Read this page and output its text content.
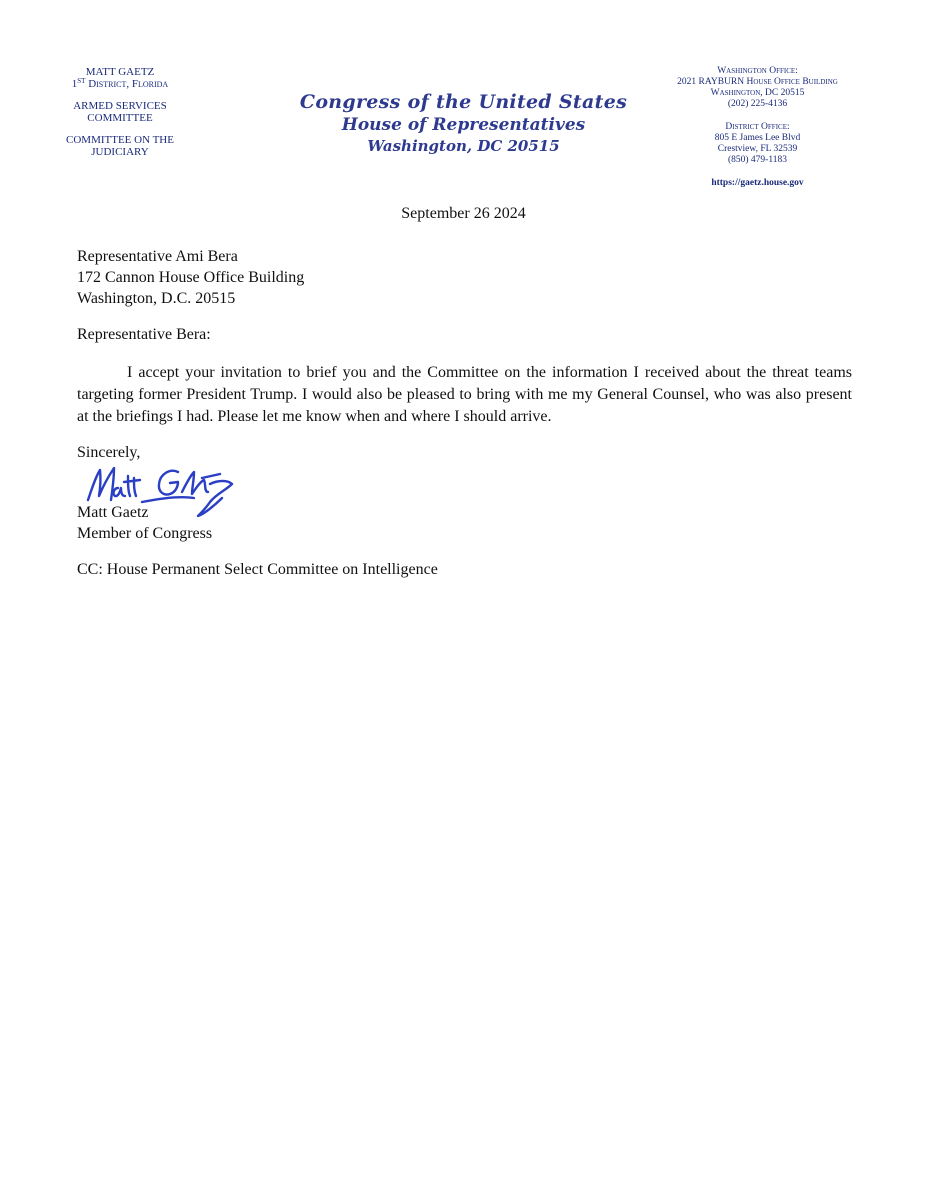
MATT GAETZ
1ST District, Florida
ARMED SERVICES
COMMITTEE
COMMITTEE ON THE
JUDICIARY
Congress of the United States
House of Representatives
Washington, DC 20515
Washington Office:
2021 RAYBURN House Office Building
Washington, DC 20515
(202) 225-4136
District Office:
805 E James Lee Blvd
Crestview, FL 32539
(850) 479-1183
https://gaetz.house.gov
September 26 2024
Representative Ami Bera
172 Cannon House Office Building
Washington, D.C. 20515
Representative Bera:
I accept your invitation to brief you and the Committee on the information I received about the threat teams targeting former President Trump. I would also be pleased to bring with me my General Counsel, who was also present at the briefings I had. Please let me know when and where I should arrive.
Sincerely,
Matt Gaetz
Member of Congress
CC: House Permanent Select Committee on Intelligence
